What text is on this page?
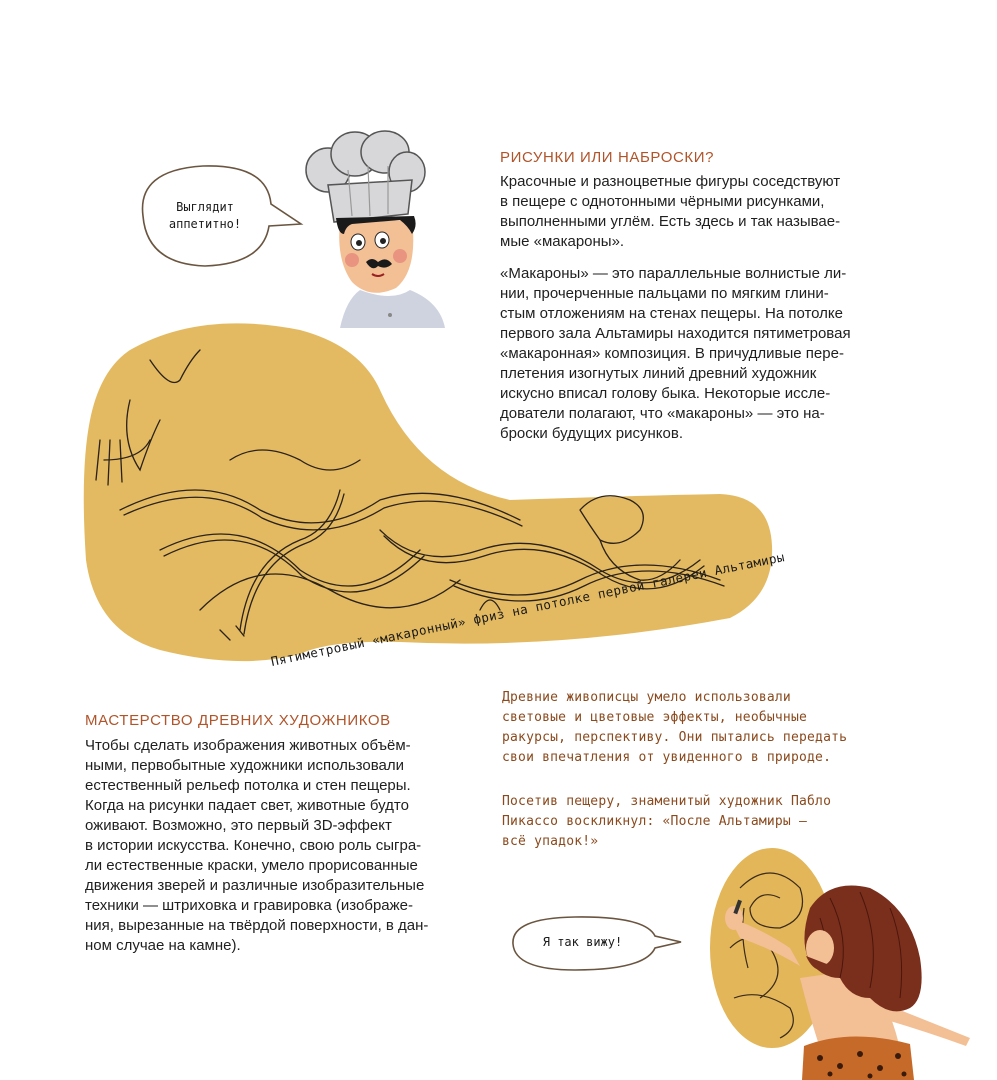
Выглядит
аппетитно!
РИСУНКИ ИЛИ НАБРОСКИ?

Красочные и разноцветные фигуры соседствуют

в пещере с однотонными чёрными рисунками,

выполненными углём. Есть здесь и так называе-

мые «макароны».

Пятиметровый «макаронный» фриз на потолке первой галереи Альтамиры

«Макароны» — это параллельные волнистые ли-

нии, прочерченные пальцами по мягким глини-

стым отложениям на стенах пещеры. На потолке

первого зала Альтамиры находится пятиметровая

«макаронная» композиция. В причудливые пере-

плетения изогнутых линий древний художник

искусно вписал голову быка. Некоторые иссле-

дователи полагают, что «макароны» — это на-

броски будущих рисунков.

МАСТЕРСТВО ДРЕВНИХ ХУДОЖНИКОВ

Чтобы сделать изображения животных объём-

ными, первобытные художники использовали

естественный рельеф потолка и стен пещеры.

Когда на рисунки падает свет, животные будто

оживают. Возможно, это первый 3D-эффект

в истории искусства. Конечно, свою роль сыгра-

ли естественные краски, умело прорисованные

движения зверей и различные изобразительные

техники — штриховка и гравировка (изображе-

ния, вырезанные на твёрдой поверхности, в дан-

ном случае на камне).

Древние живописцы умело использовали

световые и цветовые эффекты, необычные

ракурсы, перспективу. Они пытались передать

свои впечатления от увиденного в природе.

Посетив пещеру, знаменитый художник Пабло

Пикассо воскликнул: «После Альтамиры –

всё упадок!»

Я так вижу!
